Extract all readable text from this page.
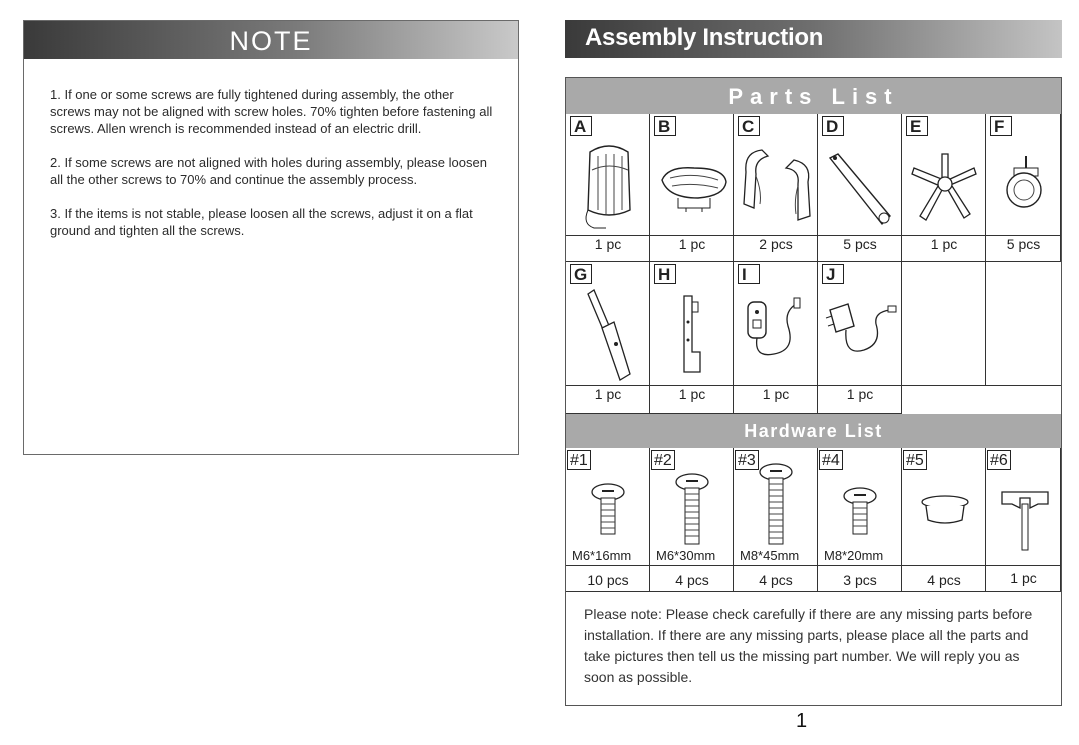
NOTE

1. If one or some screws are fully tightened during assembly, the other screws may not be aligned with screw holes. 70% tighten before fastening all screws. Allen wrench is recommended instead of an electric drill.

2. If some screws are not aligned with holes during assembly, please loosen all the other screws to 70% and continue the assembly process.

3. If the items is not stable, please loosen all the screws, adjust it on a flat ground and tighten all the screws.

Assembly Instruction
Parts List
A
1 pc
B
1 pc
C
2 pcs
D
5 pcs
E
1 pc
F
5 pcs
G
1 pc
H
1 pc
I
1 pc
J
1 pc
Hardware List
#1
M6*16mm
10 pcs
#2
M6*30mm
4 pcs
#3
M8*45mm
4 pcs
#4
M8*20mm
3 pcs
#5
4 pcs
#6
1 pc
Please note: Please check carefully if there are any missing parts before installation. If there are any missing parts, please place all the parts and take pictures then tell us the missing part number. We will reply you as soon as possible.
1
